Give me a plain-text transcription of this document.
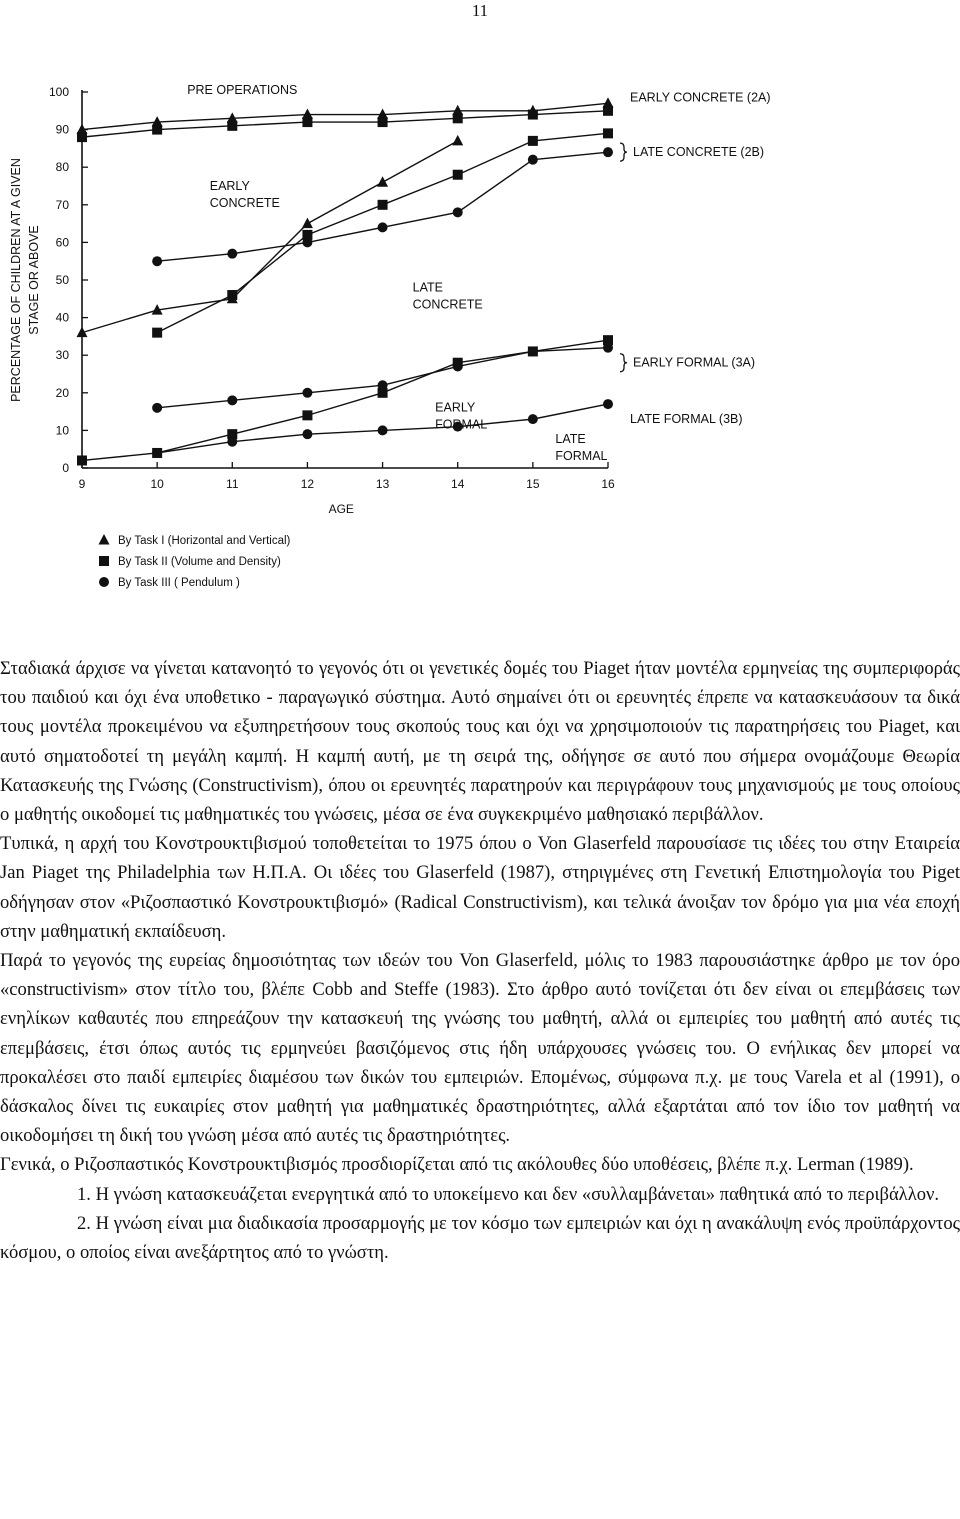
11
0
10
20
30
40
50
60
70
80
90
100
9	10	11	12	13	14	15	16
AGE
PERCENTAGE OF CHILDREN AT A GIVEN STAGE OR ABOVE
PRE OPERATIONS
EARLY
CONCRETE
LATE
CONCRETE
EARLY
FORMAL
LATE
FORMAL
EARLY CONCRETE (2A)
LATE CONCRETE (2B)
EARLY FORMAL (3A)
LATE FORMAL (3B)
By Task I (Horizontal and Vertical)
By Task II (Volume and Density)
By Task III ( Pendulum )

Σταδιακά άρχισε να γίνεται κατανοητό το γεγονός ότι οι γενετικές δομές του Piaget ήταν μοντέλα ερμηνείας της συμπεριφοράς του παιδιού και όχι ένα υποθετικο - παραγωγικό σύστημα. Αυτό σημαίνει ότι οι ερευνητές έπρεπε να κατασκευάσουν τα δικά τους μοντέλα προκειμένου να εξυπηρετήσουν τους σκοπούς τους και όχι να χρησιμοποιούν τις παρατηρήσεις του Piaget, και αυτό σηματοδοτεί τη μεγάλη καμπή. Η καμπή αυτή, με τη σειρά της, οδήγησε σε αυτό που σήμερα ονομάζουμε Θεωρία Κατασκευής της Γνώσης (Constructivism), όπου οι ερευνητές παρατηρούν και περιγράφουν τους μηχανισμούς με τους οποίους ο μαθητής οικοδομεί τις μαθηματικές του γνώσεις, μέσα σε ένα συγκεκριμένο μαθησιακό περιβάλλον.

Τυπικά, η αρχή του Κονστρουκτιβισμού τοποθετείται το 1975 όπου ο Von Glaserfeld παρουσίασε τις ιδέες του στην Εταιρεία Jan Piaget της Philadelphia των Η.Π.Α. Οι ιδέες του Glaserfeld (1987), στηριγμένες στη Γενετική Επιστημολογία του Piget οδήγησαν στον «Ριζοσπαστικό Κονστρουκτιβισμό» (Radical Constructivism), και τελικά άνοιξαν τον δρόμο για μια νέα εποχή στην μαθηματική εκπαίδευση.

Παρά το γεγονός της ευρείας δημοσιότητας των ιδεών του Von Glaserfeld, μόλις το 1983 παρουσιάστηκε άρθρο με τον όρο «constructivism» στον τίτλο του, βλέπε Cobb and Steffe (1983). Στο άρθρο αυτό τονίζεται ότι δεν είναι οι επεμβάσεις των ενηλίκων καθαυτές που επηρεάζουν την κατασκευή της γνώσης του μαθητή, αλλά οι εμπειρίες του μαθητή από αυτές τις επεμβάσεις, έτσι όπως αυτός τις ερμηνεύει βασιζόμενος στις ήδη υπάρχουσες γνώσεις του. Ο ενήλικας δεν μπορεί να προκαλέσει στο παιδί εμπειρίες διαμέσου των δικών του εμπειριών. Επομένως, σύμφωνα π.χ. με τους Varela et al (1991), ο δάσκαλος δίνει τις ευκαιρίες στον μαθητή για μαθηματικές δραστηριότητες, αλλά εξαρτάται από τον ίδιο τον μαθητή να οικοδομήσει τη δική του γνώση μέσα από αυτές τις δραστηριότητες.

Γενικά, ο Ριζοσπαστικός Κονστρουκτιβισμός προσδιορίζεται από τις ακόλουθες δύο υποθέσεις, βλέπε π.χ. Lerman (1989).

1. Η γνώση κατασκευάζεται ενεργητικά από το υποκείμενο και δεν «συλλαμβάνεται» παθητικά από το περιβάλλον.

2. Η γνώση είναι μια διαδικασία προσαρμογής με τον κόσμο των εμπειριών και όχι η ανακάλυψη ενός προϋπάρχοντος κόσμου, ο οποίος είναι ανεξάρτητος από το γνώστη.
